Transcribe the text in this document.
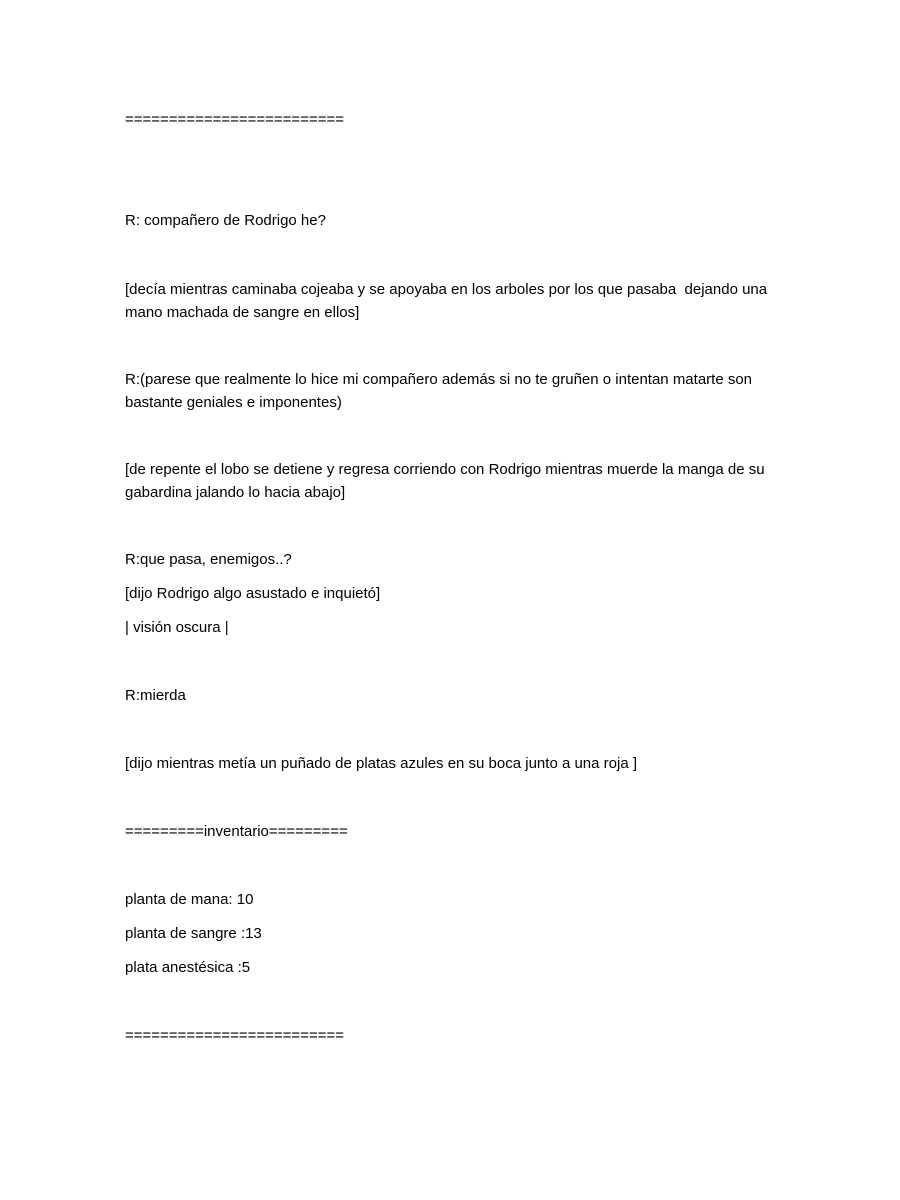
=========================

R: compañero de Rodrigo he?

[decía mientras caminaba cojeaba y se apoyaba en los arboles por los que pasaba  dejando una mano machada de sangre en ellos]

R:(parese que realmente lo hice mi compañero además si no te gruñen o intentan matarte son bastante geniales e imponentes)

[de repente el lobo se detiene y regresa corriendo con Rodrigo mientras muerde la manga de su gabardina jalando lo hacia abajo]

R:que pasa, enemigos..?

[dijo Rodrigo algo asustado e inquietó]

| visión oscura |

R:mierda

[dijo mientras metía un puñado de platas azules en su boca junto a una roja ]

=========inventario=========

planta de mana: 10

planta de sangre :13

plata anestésica :5

=========================
